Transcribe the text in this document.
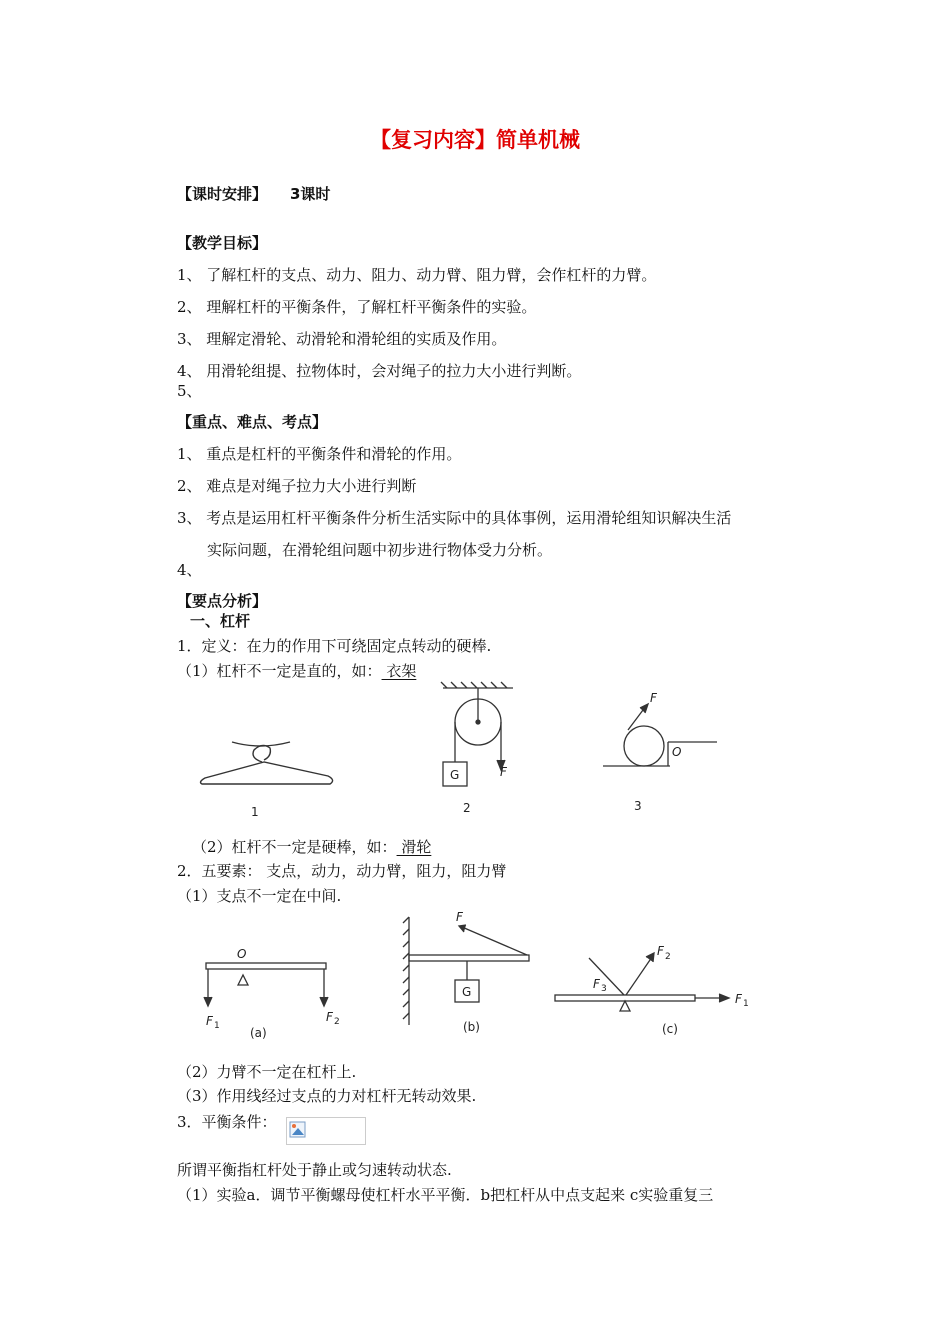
【复习内容】简单机械
【课时安排】 3课时
【教学目标】
1、 了解杠杆的支点、动力、阻力、动力臂、阻力臂，会作杠杆的力臂。
2、 理解杠杆的平衡条件，了解杠杆平衡条件的实验。
3、 理解定滑轮、动滑轮和滑轮组的实质及作用。
4、 用滑轮组提、拉物体时，会对绳子的拉力大小进行判断。
5、
【重点、难点、考点】
1、 重点是杠杆的平衡条件和滑轮的作用。
2、 难点是对绳子拉力大小进行判断
3、 考点是运用杠杆平衡条件分析生活实际中的具体事例，运用滑轮组知识解决生活
实际问题，在滑轮组问题中初步进行物体受力分析。
4、
【要点分析】
一、杠杆
1．定义：在力的作用下可绕固定点转动的硬棒.
（1）杠杆不一定是直的，如： 衣架
1
G	F
2
F
O
3
（2）杠杆不一定是硬棒，如： 滑轮
2．五要素： 支点，动力，动力臂，阻力，阻力臂
（1）支点不一定在中间.
O
F 1
F 2
(a)
F
G
(b)
F 2
F 3
F 1
(c)
（2）力臂不一定在杠杆上.
（3）作用线经过支点的力对杠杆无转动效果.
3．平衡条件：
所谓平衡指杠杆处于静止或匀速转动状态.
（1）实验a．调节平衡螺母使杠杆水平平衡．b把杠杆从中点支起来 c实验重复三
